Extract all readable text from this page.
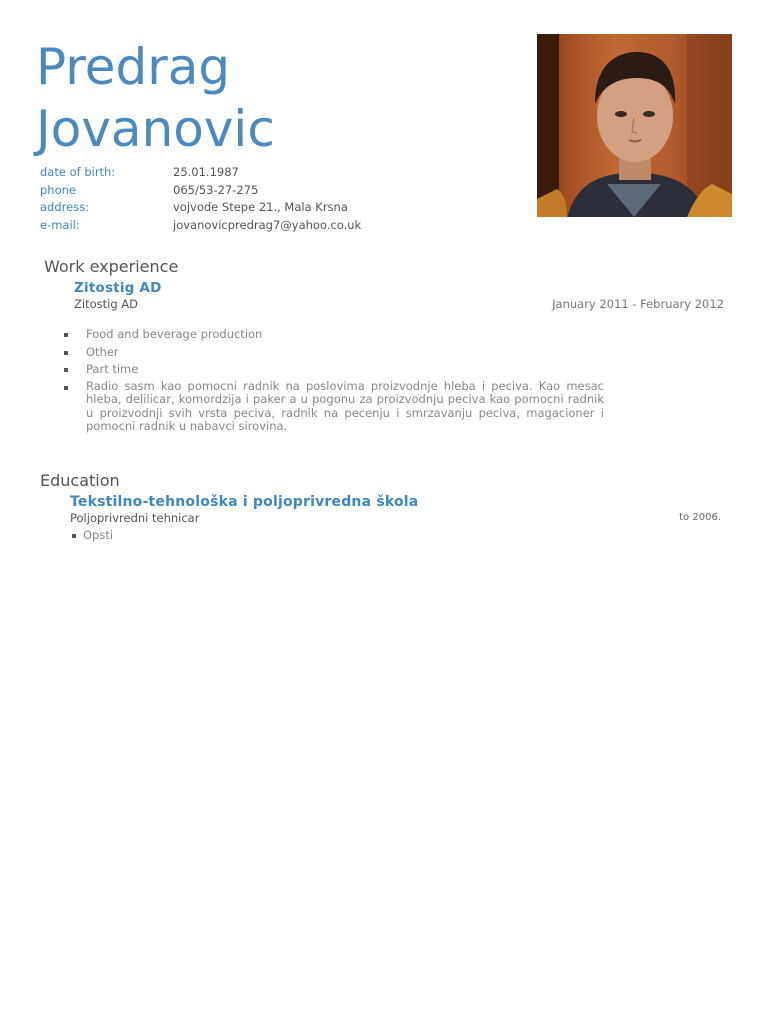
Predrag
Jovanovic
date of birth:	25.01.1987
phone	065/53-27-275
address:	vojvode Stepe 21., Mala Krsna
e-mail:	jovanovicpredrag7@yahoo.co.uk
Work experience
Zitostig AD
Zitostig AD	January 2011 - February 2012
Food and beverage production
Other
Part time
Radio sasm kao pomocni radnik na poslovima proizvodnje hleba i peciva. Kao mesac hleba, delilicar, komordzija i paker a u pogonu za proizvodnju peciva kao pomocni radnik u proizvodnji svih vrsta peciva, radnik na pecenju i smrzavanju peciva, magacioner i pomocni radnik u nabavci sirovina.
Education
Tekstilno-tehnološka i poljoprivredna škola
Poljoprivredni tehnicar	to 2006.
Opsti
